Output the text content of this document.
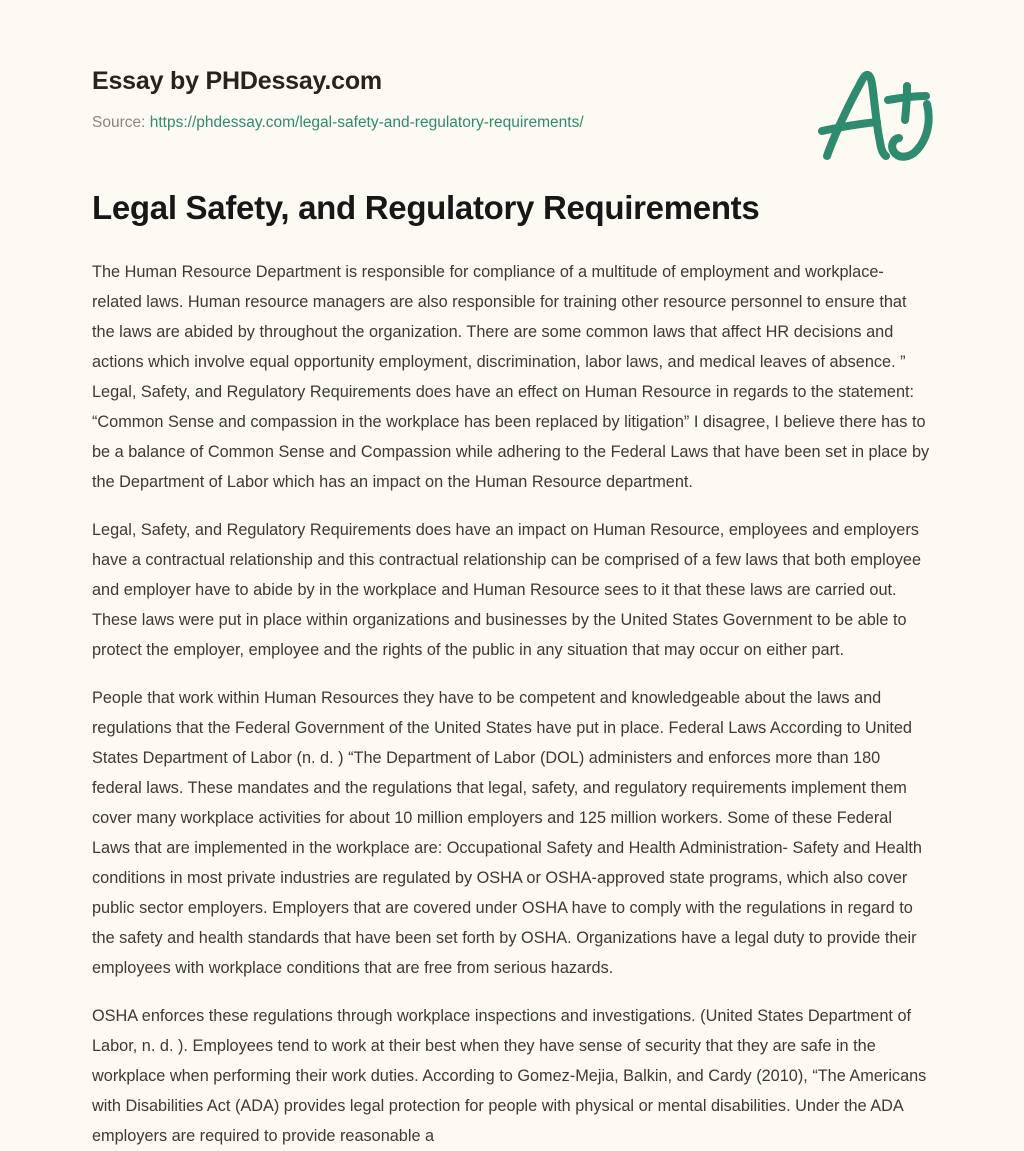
Essay by PHDessay.com
Source: https://phdessay.com/legal-safety-and-regulatory-requirements/
Legal Safety, and Regulatory Requirements

The Human Resource Department is responsible for compliance of a multitude of employment and workplace-related laws. Human resource managers are also responsible for training other resource personnel to ensure that the laws are abided by throughout the organization. There are some common laws that affect HR decisions and actions which involve equal opportunity employment, discrimination, labor laws, and medical leaves of absence. ” Legal, Safety, and Regulatory Requirements does have an effect on Human Resource in regards to the statement: “Common Sense and compassion in the workplace has been replaced by litigation” I disagree, I believe there has to be a balance of Common Sense and Compassion while adhering to the Federal Laws that have been set in place by the Department of Labor which has an impact on the Human Resource department.

Legal, Safety, and Regulatory Requirements does have an impact on Human Resource, employees and employers have a contractual relationship and this contractual relationship can be comprised of a few laws that both employee and employer have to abide by in the workplace and Human Resource sees to it that these laws are carried out. These laws were put in place within organizations and businesses by the United States Government to be able to protect the employer, employee and the rights of the public in any situation that may occur on either part.

People that work within Human Resources they have to be competent and knowledgeable about the laws and regulations that the Federal Government of the United States have put in place. Federal Laws According to United States Department of Labor (n. d. ) “The Department of Labor (DOL) administers and enforces more than 180 federal laws. These mandates and the regulations that legal, safety, and regulatory requirements implement them cover many workplace activities for about 10 million employers and 125 million workers. Some of these Federal Laws that are implemented in the workplace are: Occupational Safety and Health Administration- Safety and Health conditions in most private industries are regulated by OSHA or OSHA-approved state programs, which also cover public sector employers. Employers that are covered under OSHA have to comply with the regulations in regard to the safety and health standards that have been set forth by OSHA. Organizations have a legal duty to provide their employees with workplace conditions that are free from serious hazards.

OSHA enforces these regulations through workplace inspections and investigations. (United States Department of Labor, n. d. ). Employees tend to work at their best when they have sense of security that they are safe in the workplace when performing their work duties. According to Gomez-Mejia, Balkin, and Cardy (2010), “The Americans with Disabilities Act (ADA) provides legal protection for people with physical or mental disabilities. Under the ADA employers are required to provide reasonable a
